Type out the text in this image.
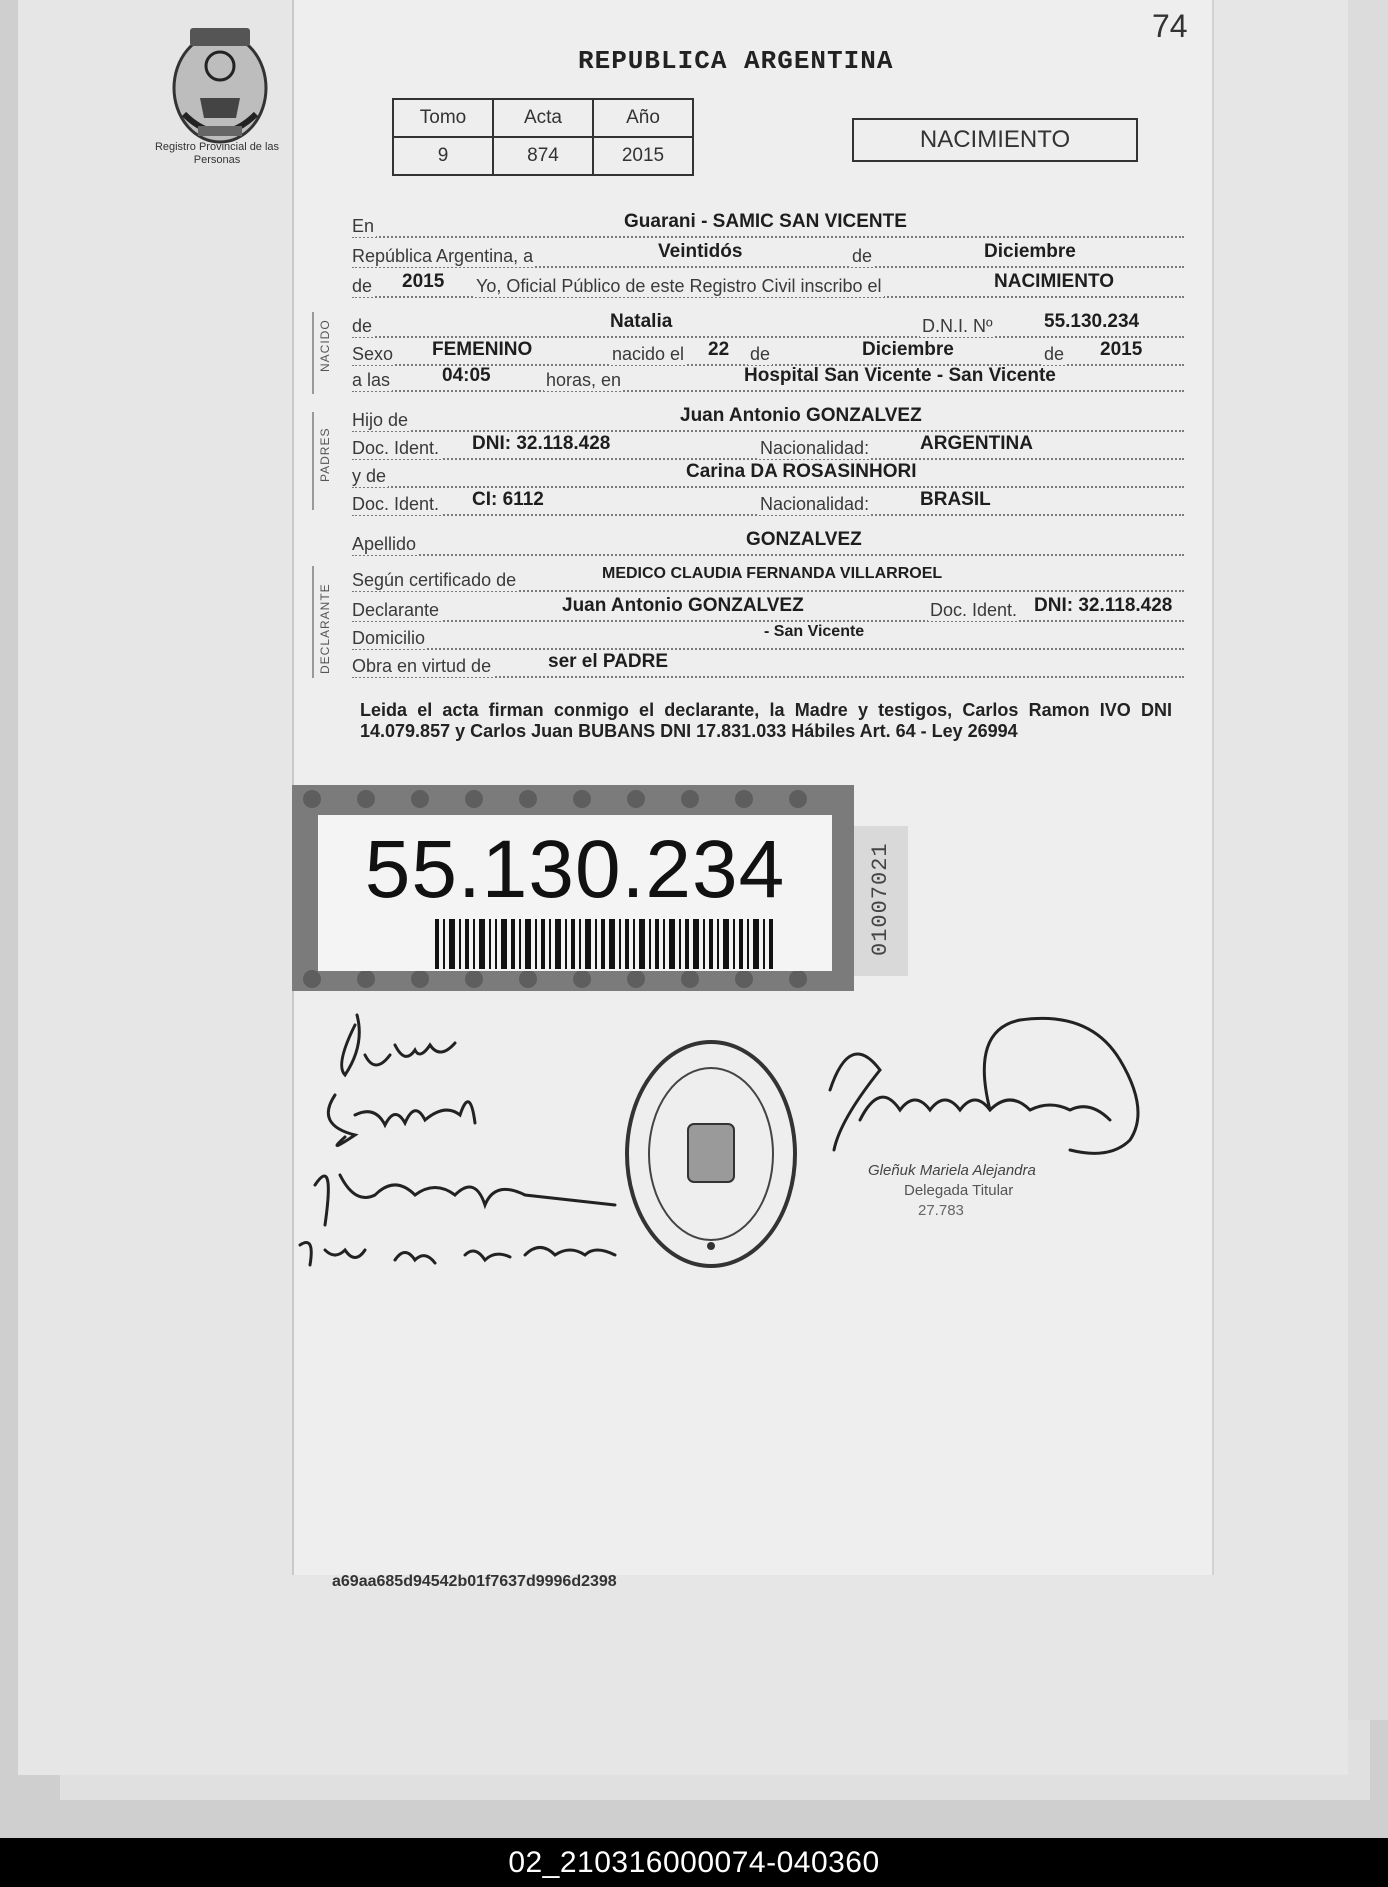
74
Registro Provincial de las Personas
REPUBLICA ARGENTINA
Tomo	Acta	Año
9	874	2015
NACIMIENTO
NACIDO
PADRES
DECLARANTE
En	Guarani - SAMIC SAN VICENTE
República Argentina, a	Veintidós	de	Diciembre
de 2015 Yo, Oficial Público de este Registro Civil inscribo el	NACIMIENTO
de	Natalia	D.N.I. Nº	55.130.234
Sexo FEMENINO	nacido el 22 de	Diciembre	de 2015
a las	04:05	horas, en	Hospital San Vicente - San Vicente
Hijo de	Juan Antonio GONZALVEZ
Doc. Ident. DNI: 32.118.428	Nacionalidad:	ARGENTINA
y de	Carina DA ROSASINHORI
Doc. Ident. CI: 6112	Nacionalidad:	BRASIL
Apellido	GONZALVEZ
Según certificado de	MEDICO CLAUDIA FERNANDA VILLARROEL
Declarante	Juan Antonio GONZALVEZ	Doc. Ident. DNI: 32.118.428
Domicilio	- San Vicente
Obra en virtud de	ser el PADRE
Leida el acta firman conmigo el declarante, la Madre y testigos, Carlos Ramon IVO DNI 14.079.857 y Carlos Juan BUBANS DNI 17.831.033 Hábiles Art. 64 - Ley 26994
55.130.234	01007021
Gleñuk Mariela Alejandra
Delegada Titular
27.783
a69aa685d94542b01f7637d9996d2398
02_210316000074-040360
